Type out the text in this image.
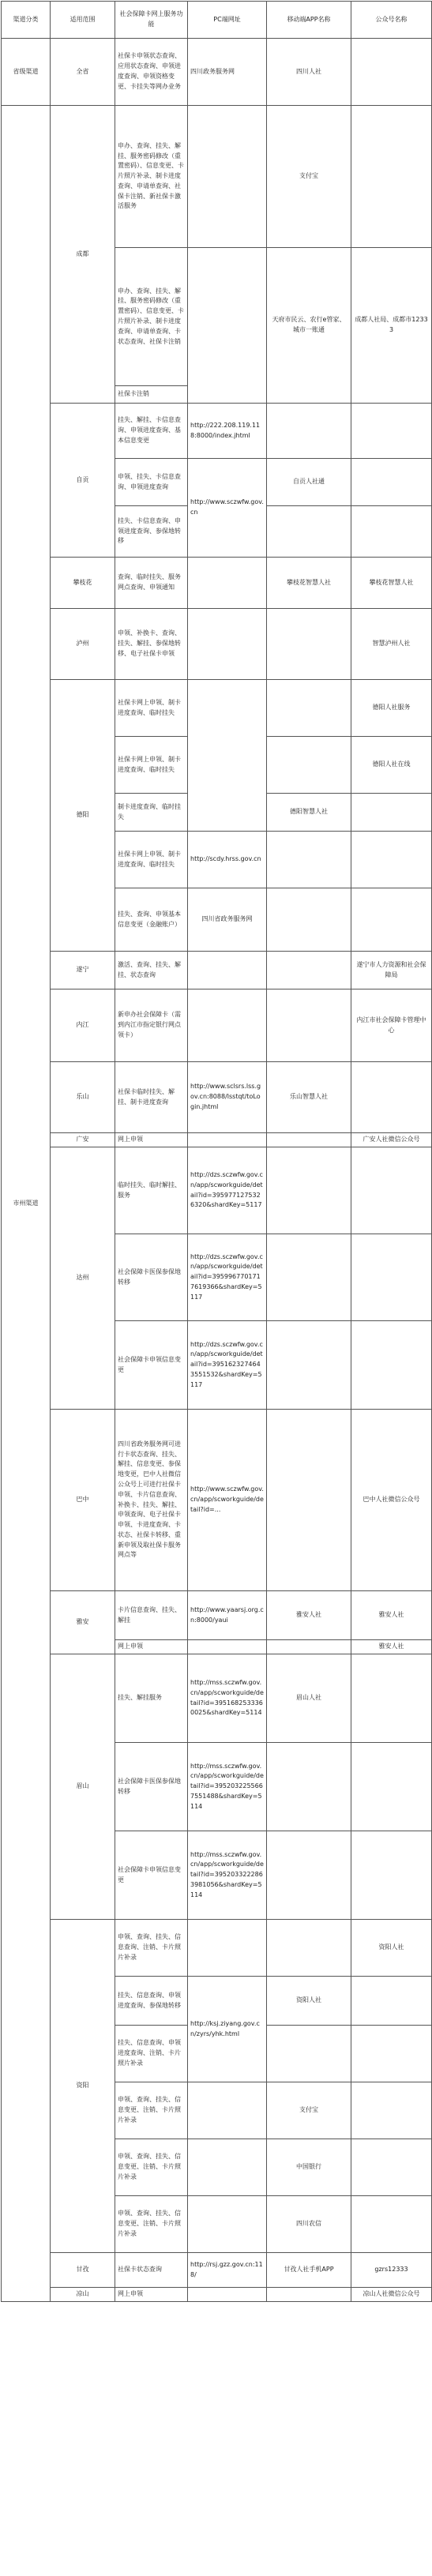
渠道分类	适用范围	社会保障卡网上服务功能	PC端网址	移动端APP名称	公众号名称
省级渠道	全省	社保卡申领状态查询、应用状态查询、申领进度查询、申领资格变更、卡挂失等网办业务	四川政务服务网	四川人社	
市州渠道	成都	申办、查询、挂失、解挂、服务密码修改（重置密码）、信息变更、卡片照片补录、制卡进度查询、申请单查询、社保卡注销、新社保卡激活服务		支付宝	
		申办、查询、挂失、解挂、服务密码修改（重置密码）、信息变更、卡片照片补录、制卡进度查询、申请单查询、卡状态查询、社保卡注销		天府市民云、农行e管家、城市一账通	成都人社局、成都市12333
		社保卡注销			
	自贡	挂失、解挂、卡信息查询、申领进度查询、基本信息变更	http://222.208.119.118:8000/index.jhtml		
		申领、挂失、卡信息查询、申领进度查询	http://www.sczwfw.gov.cn	自贡人社通	
		挂失、卡信息查询、申领进度查询、参保地转移			
	攀枝花	查询、临时挂失、服务网点查询、申领通知		攀枝花智慧人社	攀枝花智慧人社
	泸州	申领、补换卡、查询、挂失、解挂、参保地转移、电子社保卡申领			智慧泸州人社
	德阳	社保卡网上申领、制卡进度查询、临时挂失			德阳人社服务
		社保卡网上申领、制卡进度查询、临时挂失			德阳人社在线
		制卡进度查询、临时挂失		德阳智慧人社	
		社保卡网上申领、制卡进度查询、临时挂失	http://scdy.hrss.gov.cn		
		挂失、查询、申领基本信息变更（金融账户）	四川省政务服务网		
	遂宁	激活、查询、挂失、解挂、状态查询			遂宁市人力资源和社会保障局
	内江	新申办社会保障卡（需到内江市指定银行网点领卡）			内江市社会保障卡管理中心
	乐山	社保卡临时挂失、解挂、制卡进度查询	http://www.sclsrs.lss.gov.cn:8088/lsstqt/toLogin.jhtml	乐山智慧人社	
	广安	网上申领			广安人社微信公众号
	达州	临时挂失、临时解挂、服务	http://dzs.sczwfw.gov.cn/app/scworkguide/detail?id=3959771275326320&shardKey=5117		
		社会保障卡医保参保地转移	http://dzs.sczwfw.gov.cn/app/scworkguide/detail?id=3959967701717619366&shardKey=5117		
		社会保障卡申领信息变更	http://dzs.sczwfw.gov.cn/app/scworkguide/detail?id=3951623274643551532&shardKey=5117		
	巴中	四川省政务服务网可进行卡状态查询、挂失、解挂、信息变更、参保地变更，巴中人社微信公众号上可进行社保卡申领、卡片信息查询、补换卡、挂失、解挂、申领查询、电子社保卡申领、卡进度查询、卡状态、社保卡转移、重新申领及取社保卡服务网点等	http://www.sczwfw.gov.cn/app/scworkguide/detail?id=...		巴中人社微信公众号
	雅安	卡片信息查询、挂失、解挂	http://www.yaarsj.org.cn:8000/yaui	雅安人社	雅安人社
		网上申领			雅安人社
	眉山	挂失、解挂服务	http://mss.sczwfw.gov.cn/app/scworkguide/detail?id=3951682533360025&shardKey=5114	眉山人社	
		社会保障卡医保参保地转移	http://mss.sczwfw.gov.cn/app/scworkguide/detail?id=3952032255667551488&shardKey=5114		
		社会保障卡申领信息变更	http://mss.sczwfw.gov.cn/app/scworkguide/detail?id=3952033222863981056&shardKey=5114		
	资阳	申领、查询、挂失、信息查询、注销、卡片照片补录			资阳人社
		挂失、信息查询、申领进度查询、参保地转移	http://ksj.ziyang.gov.cn/zyrs/yhk.html	资阳人社	
		挂失、信息查询、申领进度查询、注销、卡片照片补录			
		申领、查询、挂失、信息变更、注销、卡片照片补录		支付宝	
		申领、查询、挂失、信息变更、注销、卡片照片补录		中国银行	
		申领、查询、挂失、信息变更、注销、卡片照片补录		四川农信	
	甘孜	社保卡状态查询	http://rsj.gzz.gov.cn:118/	甘孜人社手机APP	gzrs12333
	凉山	网上申领			凉山人社微信公众号
